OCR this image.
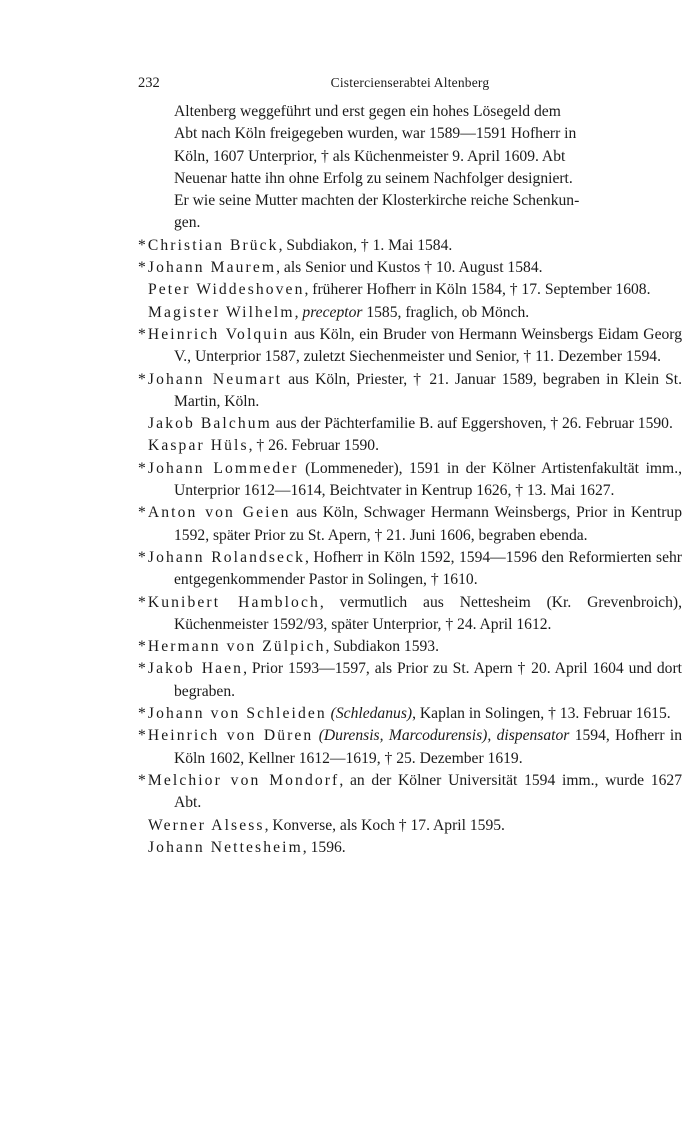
232	Cistercienserabtei Altenberg

Altenberg weggeführt und erst gegen ein hohes Lösegeld dem
Abt nach Köln freigegeben wurden, war 1589—1591 Hofherr in
Köln, 1607 Unterprior, † als Küchenmeister 9. April 1609. Abt
Neuenar hatte ihn ohne Erfolg zu seinem Nachfolger designiert.
Er wie seine Mutter machten der Klosterkirche reiche Schenkun-
gen.

*Christian Brück, Subdiakon, † 1. Mai 1584.

*Johann Maurem, als Senior und Kustos † 10. August 1584.

Peter Widdeshoven, früherer Hofherr in Köln 1584, † 17. September 1608.

Magister Wilhelm, preceptor 1585, fraglich, ob Mönch.

*Heinrich Volquin aus Köln, ein Bruder von Hermann Weinsbergs Eidam Georg V., Unterprior 1587, zuletzt Siechenmeister und Senior, † 11. Dezember 1594.

*Johann Neumart aus Köln, Priester, † 21. Januar 1589, begraben in Klein St. Martin, Köln.

Jakob Balchum aus der Pächterfamilie B. auf Eggershoven, † 26. Februar 1590.

Kaspar Hüls, † 26. Februar 1590.

*Johann Lommeder (Lommeneder), 1591 in der Kölner Artistenfakultät imm., Unterprior 1612—1614, Beichtvater in Kentrup 1626, † 13. Mai 1627.

*Anton von Geien aus Köln, Schwager Hermann Weinsbergs, Prior in Kentrup 1592, später Prior zu St. Apern, † 21. Juni 1606, begraben ebenda.

*Johann Rolandseck, Hofherr in Köln 1592, 1594—1596 den Reformierten sehr entgegenkommender Pastor in Solingen, † 1610.

*Kunibert Hambloch, vermutlich aus Nettesheim (Kr. Grevenbroich), Küchenmeister 1592/93, später Unterprior, † 24. April 1612.

*Hermann von Zülpich, Subdiakon 1593.

*Jakob Haen, Prior 1593—1597, als Prior zu St. Apern † 20. April 1604 und dort begraben.

*Johann von Schleiden (Schledanus), Kaplan in Solingen, † 13. Februar 1615.

*Heinrich von Düren (Durensis, Marcodurensis), dispensator 1594, Hofherr in Köln 1602, Kellner 1612—1619, † 25. Dezember 1619.

*Melchior von Mondorf, an der Kölner Universität 1594 imm., wurde 1627 Abt.

Werner Alsess, Konverse, als Koch † 17. April 1595.

Johann Nettesheim, 1596.
